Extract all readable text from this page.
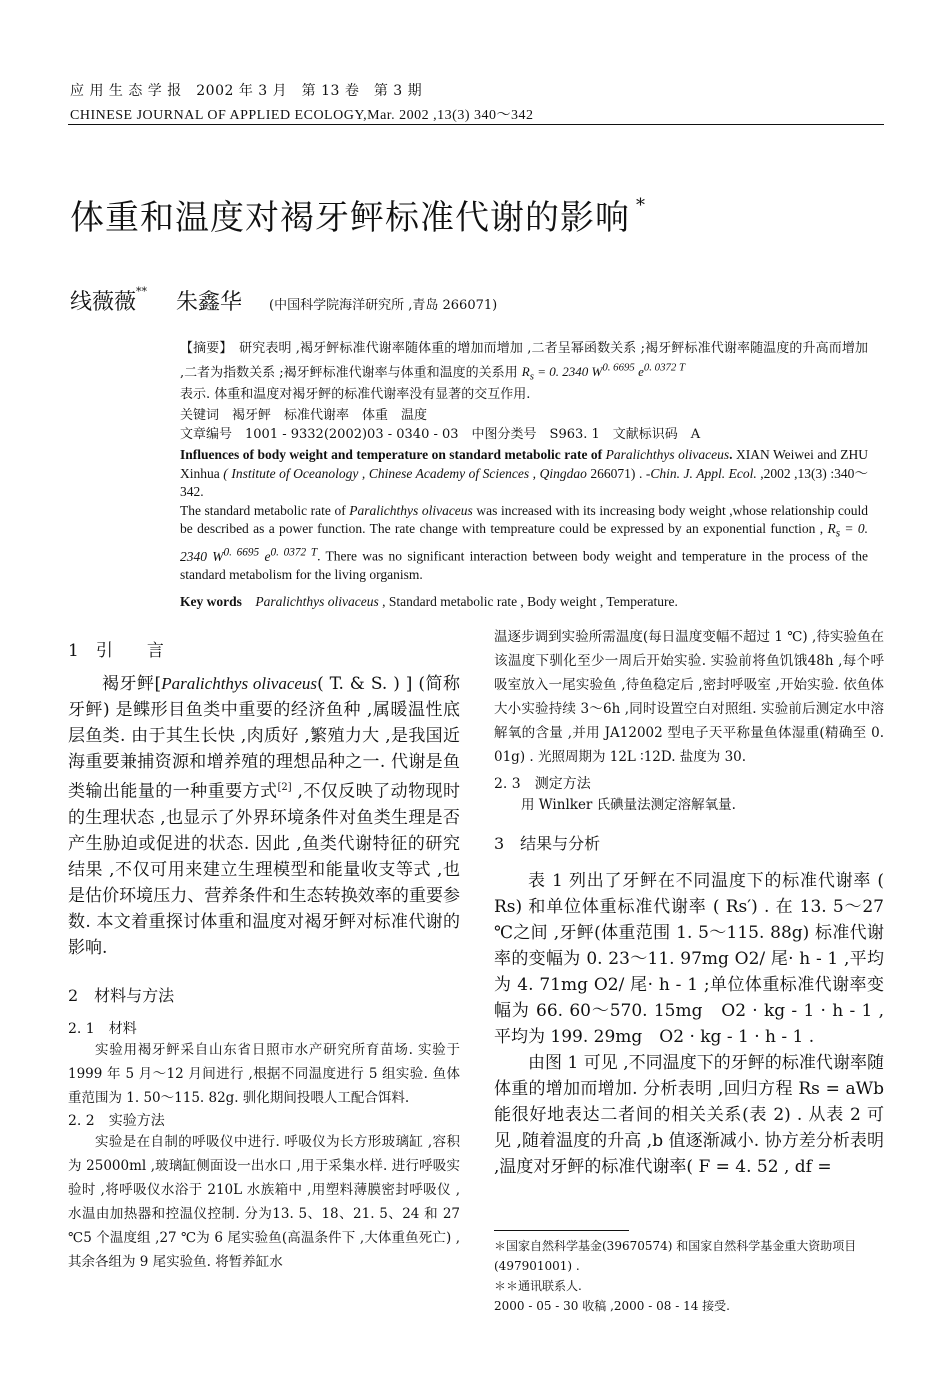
应 用 生 态 学 报　2002 年 3 月　第 13 卷　第 3 期
CHINESE JOURNAL OF APPLIED ECOLOGY,Mar. 2002 ,13(3) 340～342
体重和温度对褐牙鲆标准代谢的影响 *
线薇薇** 朱鑫华 (中国科学院海洋研究所 ,青岛 266071)

【摘要】　 研究表明 ,褐牙鲆标准代谢率随体重的增加而增加 ,二者呈幂函数关系 ;褐牙鲆标准代谢率随温度的升高而增加 ,二者为指数关系 ;褐牙鲆标准代谢率与体重和温度的关系用 $R_s = 0$. 2340 $W^{0. 6695}$ $e^{0. 0372 T}$

表示. 体重和温度对褐牙鲆的标准代谢率没有显著的交互作用.

关键词　褐牙鲆　标准代谢率　体重　温度

文章编号　1001 - 9332(2002)03 - 0340 - 03　中图分类号　S963. 1　文献标识码　A

Influences of body weight and temperature on standard metabolic rate of Paralichthys olivaceus. XIAN Weiwei and ZHU Xinhua ( Institute of Oceanology , Chinese Academy of Sciences , Qingdao 266071) . -Chin. J. Appl. Ecol. ,2002 ,13(3) :340～342.

The standard metabolic rate of Paralichthys olivaceus was increased with its increasing body weight ,whose relationship could be described as a power function. The rate change with tempreature could be expressed by an exponential function , $R_s = 0$. 2340 $W^{0. 6695}$ $e^{0. 0372 T}$. There was no significant interaction between body weight and temperature in the process of the standard metabolism for the living organism.

Key words　 Paralichthys olivaceus , Standard metabolic rate , Body weight , Temperature.

1　引　　言

褐牙鲆[Paralichthys olivaceus( T. & S. ) ] (简称牙鲆) 是鲽形目鱼类中重要的经济鱼种 ,属暖温性底层鱼类. 由于其生长快 ,肉质好 ,繁殖力大 ,是我国近海重要兼捕资源和增养殖的理想品种之一. 代谢是鱼类输出能量的一种重要方式[2] ,不仅反映了动物现时的生理状态 ,也显示了外界环境条件对鱼类生理是否产生胁迫或促进的状态. 因此 ,鱼类代谢特征的研究结果 ,不仅可用来建立生理模型和能量收支等式 ,也是估价环境压力、营养条件和生态转换效率的重要参数. 本文着重探讨体重和温度对褐牙鲆对标准代谢的影响.

2　材料与方法
2. 1　材料

实验用褐牙鲆采自山东省日照市水产研究所育苗场. 实验于 1999 年 5 月～12 月间进行 ,根据不同温度进行 5 组实验. 鱼体重范围为 1. 50～115. 82g. 驯化期间投喂人工配合饵料.

2. 2　实验方法

实验是在自制的呼吸仪中进行. 呼吸仪为长方形玻璃缸 ,容积为 25000ml ,玻璃缸侧面设一出水口 ,用于采集水样. 进行呼吸实验时 ,将呼吸仪水浴于 210L 水族箱中 ,用塑料薄膜密封呼吸仪 ,水温由加热器和控温仪控制. 分为13. 5、18、21. 5、24 和 27 ℃5 个温度组 ,27 ℃为 6 尾实验鱼(高温条件下 ,大体重鱼死亡) ,其余各组为 9 尾实验鱼. 将暂养缸水

温逐步调到实验所需温度(每日温度变幅不超过 1 ℃) ,待实验鱼在该温度下驯化至少一周后开始实验. 实验前将鱼饥饿48h ,每个呼吸室放入一尾实验鱼 ,待鱼稳定后 ,密封呼吸室 ,开始实验. 依鱼体大小实验持续 3～6h ,同时设置空白对照组. 实验前后测定水中溶解氧的含量 ,并用 JA12002 型电子天平称量鱼体湿重(精确至 0. 01g) . 光照周期为 12L ∶12D. 盐度为 30.

2. 3　测定方法

用 Winlker 氏碘量法测定溶解氧量.

3　结果与分析

表 1 列出了牙鲆在不同温度下的标准代谢率 ( Rs) 和单位体重标准代谢率 ( Rs′) . 在 13. 5～27 ℃之间 ,牙鲆(体重范围 1. 5～115. 88g) 标准代谢率的变幅为 0. 23～11. 97mg O2/ 尾· h - 1 ,平均为 4. 71mg O2/ 尾· h - 1 ;单位体重标准代谢率变幅为 66. 60～570. 15mg　O2 · kg - 1 · h - 1 ,平均为 199. 29mg　O2 · kg - 1 · h - 1 .

由图 1 可见 ,不同温度下的牙鲆的标准代谢率随体重的增加而增加. 分析表明 ,回归方程 Rs = aWb 能很好地表达二者间的相关关系(表 2) . 从表 2 可见 ,随着温度的升高 ,b 值逐渐减小. 协方差分析表明 ,温度对牙鲆的标准代谢率( F = 4. 52 , df =

＊国家自然科学基金(39670574) 和国家自然科学基金重大资助项目(497901001) .
＊＊通讯联系人.
2000 - 05 - 30 收稿 ,2000 - 08 - 14 接受.
